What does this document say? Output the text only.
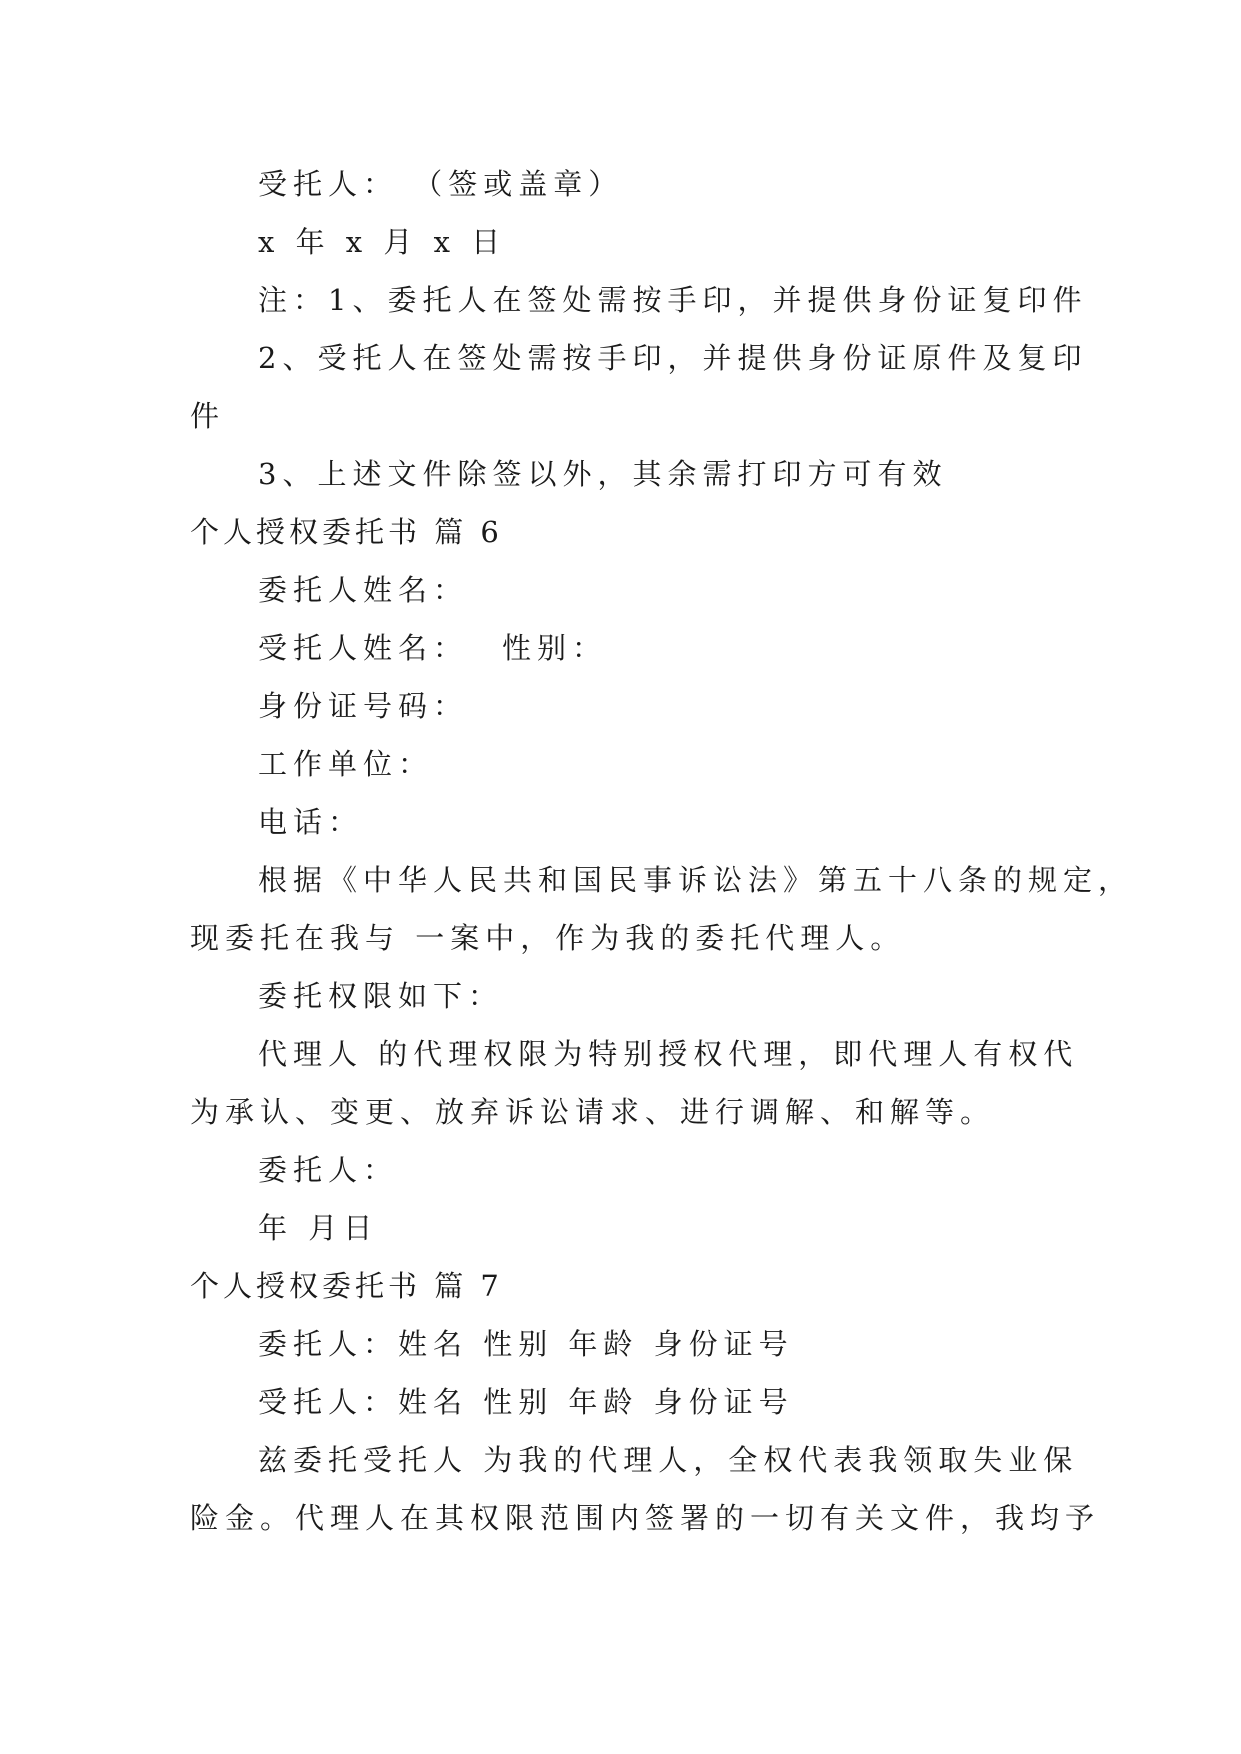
受托人： （签或盖章）
x 年 x 月 x 日
注：1、委托人在签处需按手印，并提供身份证复印件
2、受托人在签处需按手印，并提供身份证原件及复印
件
3、上述文件除签以外，其余需打印方可有效
个人授权委托书 篇 6
委托人姓名：
受托人姓名： 性别：
身份证号码：
工作单位：
电话：
根据《中华人民共和国民事诉讼法》第五十八条的规定，
现委托在我与 一案中，作为我的委托代理人。
委托权限如下：
代理人 的代理权限为特别授权代理，即代理人有权代
为承认、变更、放弃诉讼请求、进行调解、和解等。
委托人：
年 月日
个人授权委托书 篇 7
委托人：姓名 性别 年龄 身份证号
受托人：姓名 性别 年龄 身份证号
兹委托受托人 为我的代理人，全权代表我领取失业保
险金。代理人在其权限范围内签署的一切有关文件，我均予
